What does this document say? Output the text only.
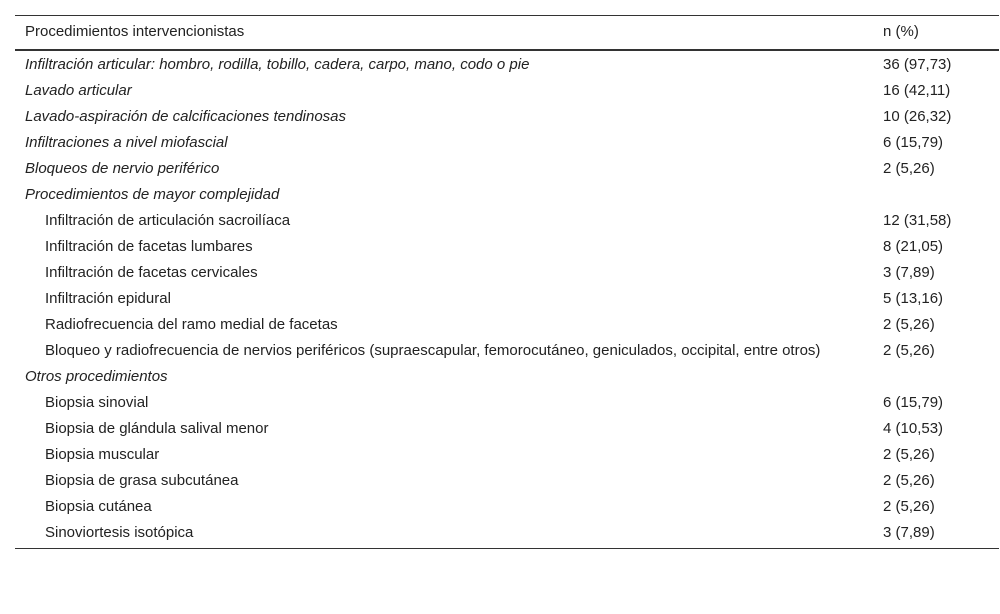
Procedimientos intervencionistas	n (%)
Infiltración articular: hombro, rodilla, tobillo, cadera, carpo, mano, codo o pie	36 (97,73)
Lavado articular	16 (42,11)
Lavado-aspiración de calcificaciones tendinosas	10 (26,32)
Infiltraciones a nivel miofascial	6 (15,79)
Bloqueos de nervio periférico	2 (5,26)
Procedimientos de mayor complejidad	
Infiltración de articulación sacroilíaca	12 (31,58)
Infiltración de facetas lumbares	8 (21,05)
Infiltración de facetas cervicales	3 (7,89)
Infiltración epidural	5 (13,16)
Radiofrecuencia del ramo medial de facetas	2 (5,26)
Bloqueo y radiofrecuencia de nervios periféricos (supraescapular, femorocutáneo, geniculados, occipital, entre otros)	2 (5,26)
Otros procedimientos	
Biopsia sinovial	6 (15,79)
Biopsia de glándula salival menor	4 (10,53)
Biopsia muscular	2 (5,26)
Biopsia de grasa subcutánea	2 (5,26)
Biopsia cutánea	2 (5,26)
Sinoviortesis isotópica	3 (7,89)
